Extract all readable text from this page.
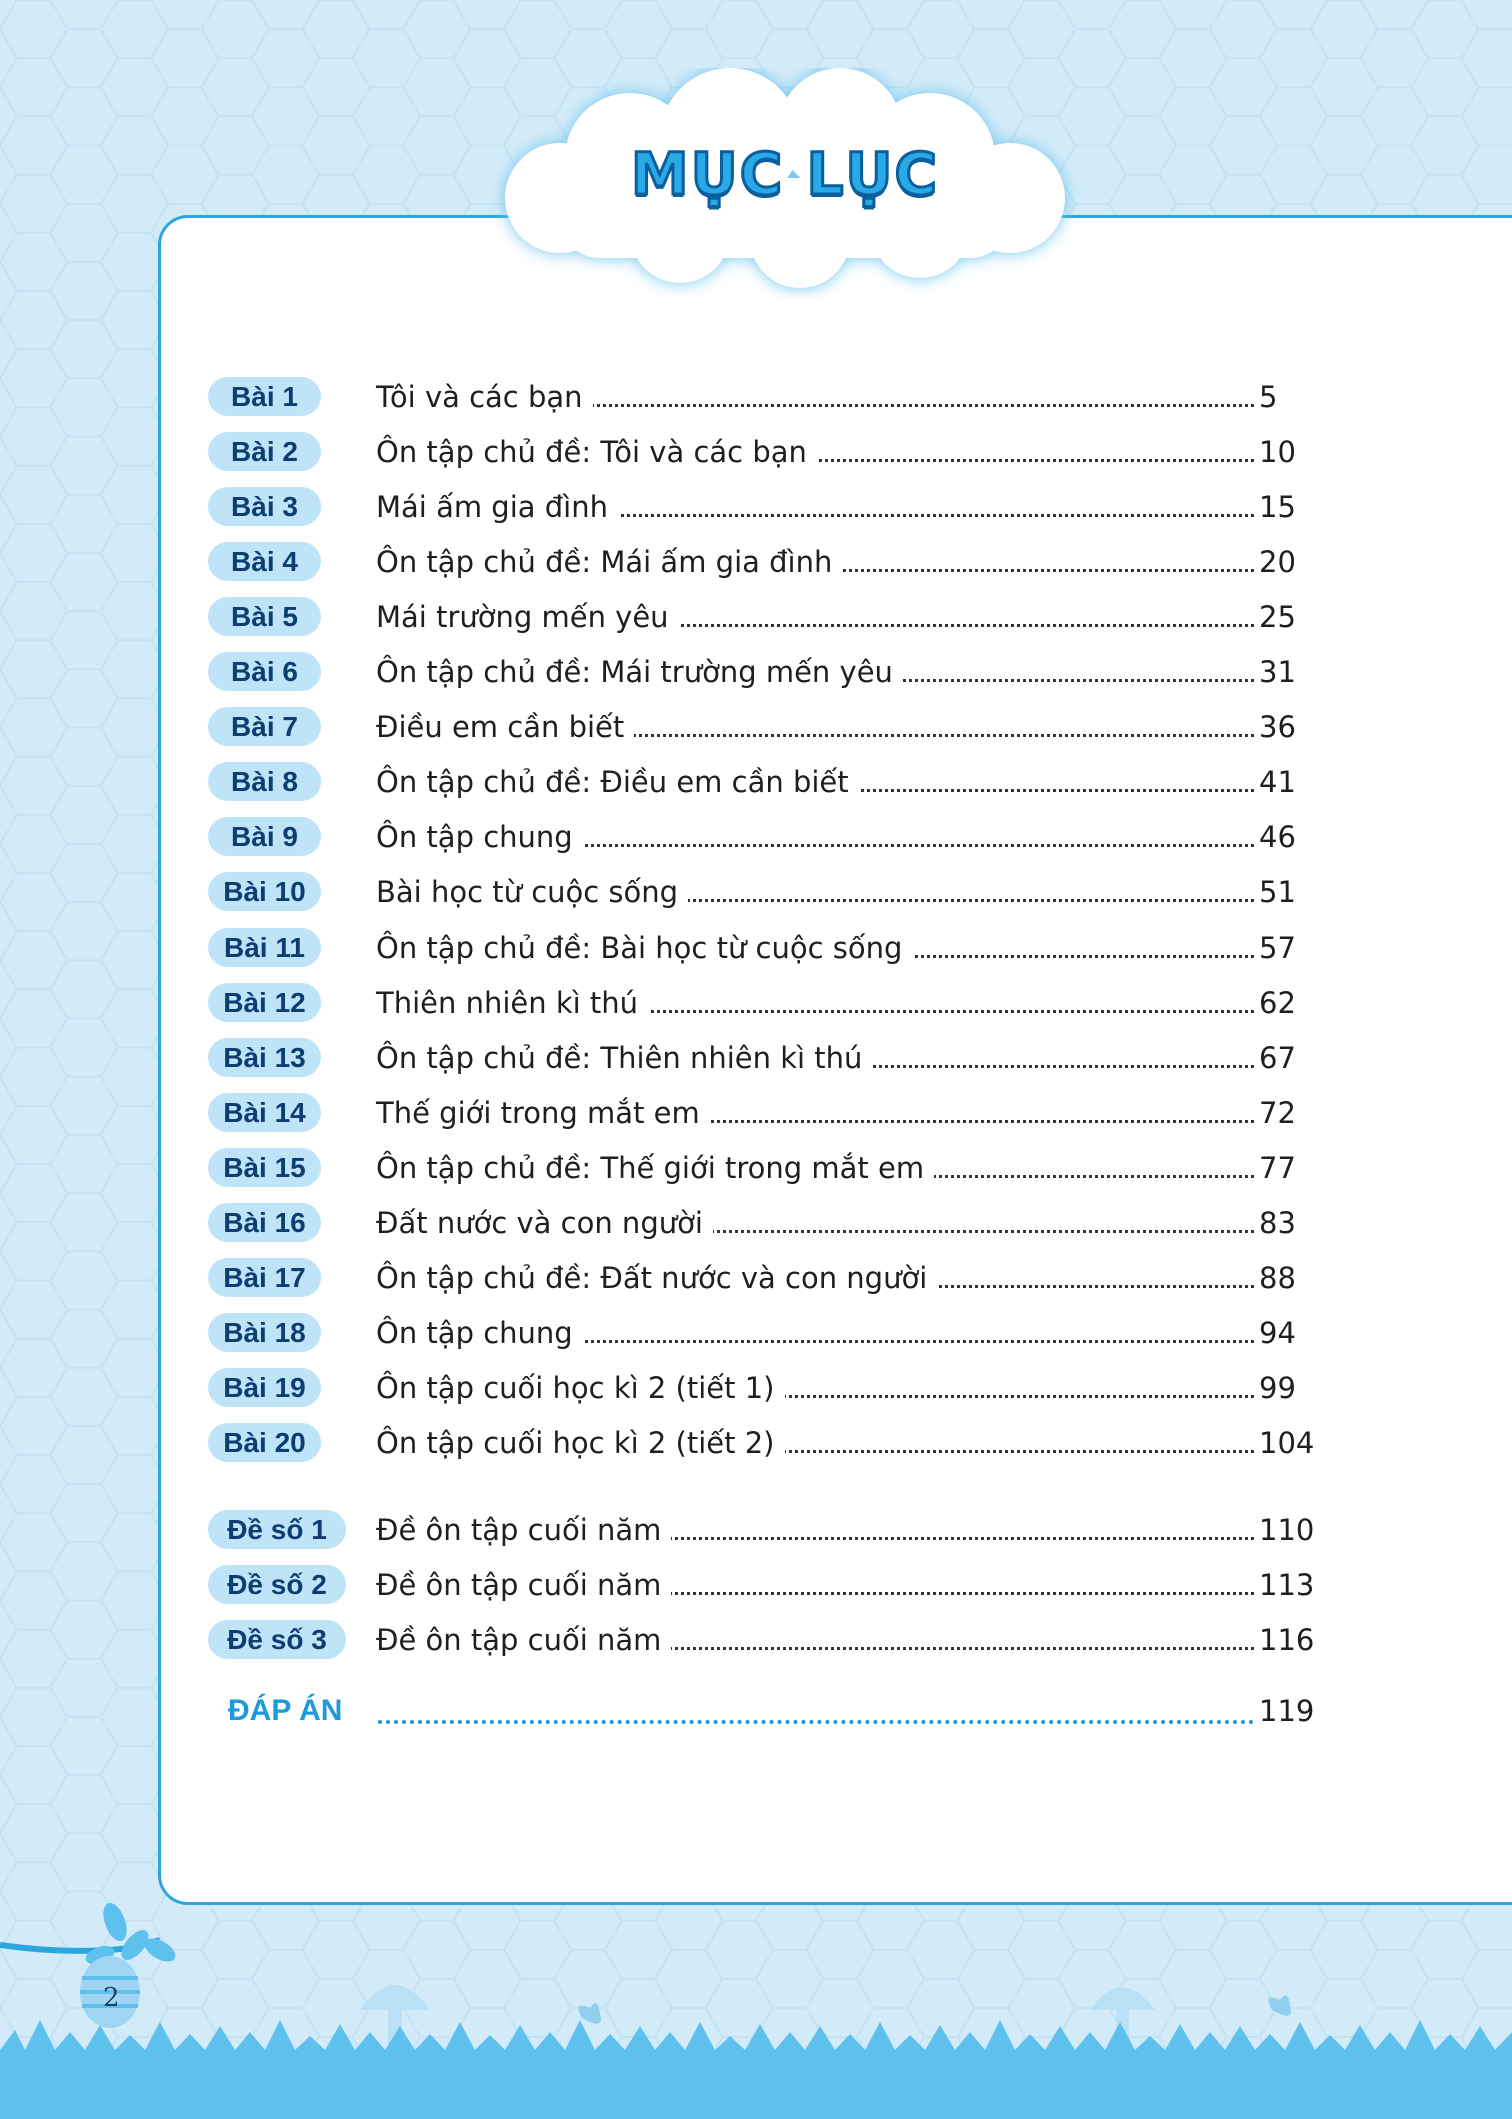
MỤC LỤC
Bài 1	Tôi và các bạn	5
Bài 2	Ôn tập chủ đề: Tôi và các bạn	10
Bài 3	Mái ấm gia đình	15
Bài 4	Ôn tập chủ đề: Mái ấm gia đình	20
Bài 5	Mái trường mến yêu	25
Bài 6	Ôn tập chủ đề: Mái trường mến yêu	31
Bài 7	Điều em cần biết	36
Bài 8	Ôn tập chủ đề: Điều em cần biết	41
Bài 9	Ôn tập chung	46
Bài 10	Bài học từ cuộc sống	51
Bài 11	Ôn tập chủ đề: Bài học từ cuộc sống	57
Bài 12	Thiên nhiên kì thú	62
Bài 13	Ôn tập chủ đề: Thiên nhiên kì thú	67
Bài 14	Thế giới trong mắt em	72
Bài 15	Ôn tập chủ đề: Thế giới trong mắt em	77
Bài 16	Đất nước và con người	83
Bài 17	Ôn tập chủ đề: Đất nước và con người	88
Bài 18	Ôn tập chung	94
Bài 19	Ôn tập cuối học kì 2 (tiết 1)	99
Bài 20	Ôn tập cuối học kì 2 (tiết 2)	104
Đề số 1	Đề ôn tập cuối năm	110
Đề số 2	Đề ôn tập cuối năm	113
Đề số 3	Đề ôn tập cuối năm	116
ĐÁP ÁN	119
2
